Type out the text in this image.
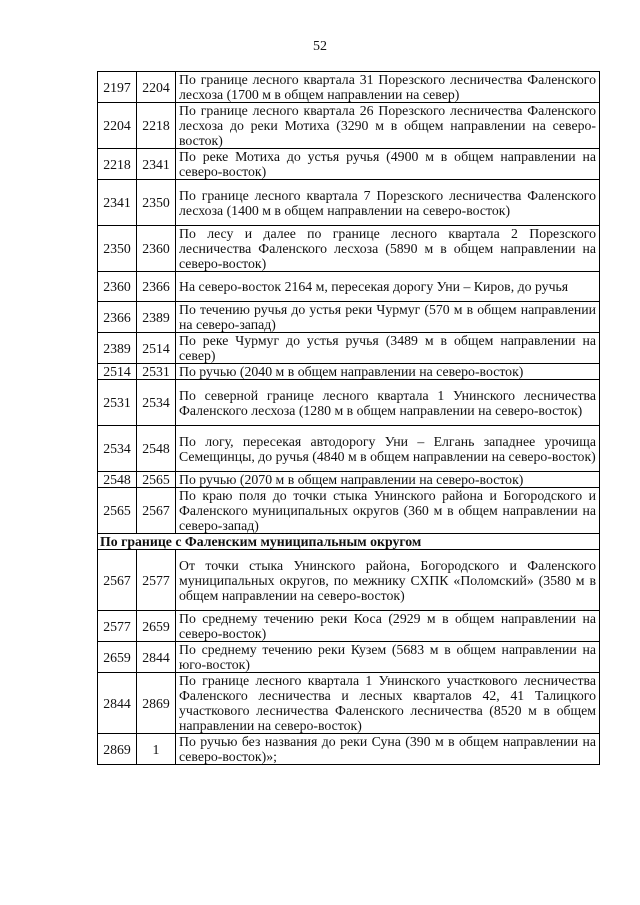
52
2197	2204	По границе лесного квартала 31 Порезского лесничества Фаленского лесхоза (1700 м в общем направлении на север)
2204	2218	По границе лесного квартала 26 Порезского лесничества Фаленского лесхоза до реки Мотиха (3290 м в общем направлении на северо-восток)
2218	2341	По реке Мотиха до устья ручья (4900 м в общем направлении на северо-восток)
2341	2350	По границе лесного квартала 7 Порезского лесничества Фаленского лесхоза (1400 м в общем направлении на северо-восток)
2350	2360	По лесу и далее по границе лесного квартала 2 Порезского лесничества Фаленского лесхоза (5890 м в общем направлении на северо-восток)
2360	2366	На северо-восток 2164 м, пересекая дорогу Уни – Киров, до ручья
2366	2389	По течению ручья до устья реки Чурмуг (570 м в общем направлении на северо-запад)
2389	2514	По реке Чурмуг до устья ручья (3489 м в общем направлении на север)
2514	2531	По ручью (2040 м в общем направлении на северо-восток)
2531	2534	По северной границе лесного квартала 1 Унинского лесничества Фаленского лесхоза (1280 м в общем направлении на северо-восток)
2534	2548	По логу, пересекая автодорогу Уни – Елгань западнее урочища Семещинцы, до ручья (4840 м в общем направлении на северо-восток)
2548	2565	По ручью (2070 м в общем направлении на северо-восток)
2565	2567	По краю поля до точки стыка Унинского района и Богородского и Фаленского муниципальных округов (360 м в общем направлении на северо-запад)
По границе с Фаленским муниципальным округом		
2567	2577	От точки стыка Унинского района, Богородского и Фаленского муниципальных округов, по межнику СХПК «Поломский» (3580 м в общем направлении на северо-восток)
2577	2659	По среднему течению реки Коса (2929 м в общем направлении на северо-восток)
2659	2844	По среднему течению реки Кузем (5683 м в общем направлении на юго-восток)
2844	2869	По границе лесного квартала 1 Унинского участкового лесничества Фаленского лесничества и лесных кварталов 42, 41 Талицкого участкового лесничества Фаленского лесничества (8520 м в общем направлении на северо-восток)
2869	1	По ручью без названия до реки Суна (390 м в общем направлении на северо-восток)»;
